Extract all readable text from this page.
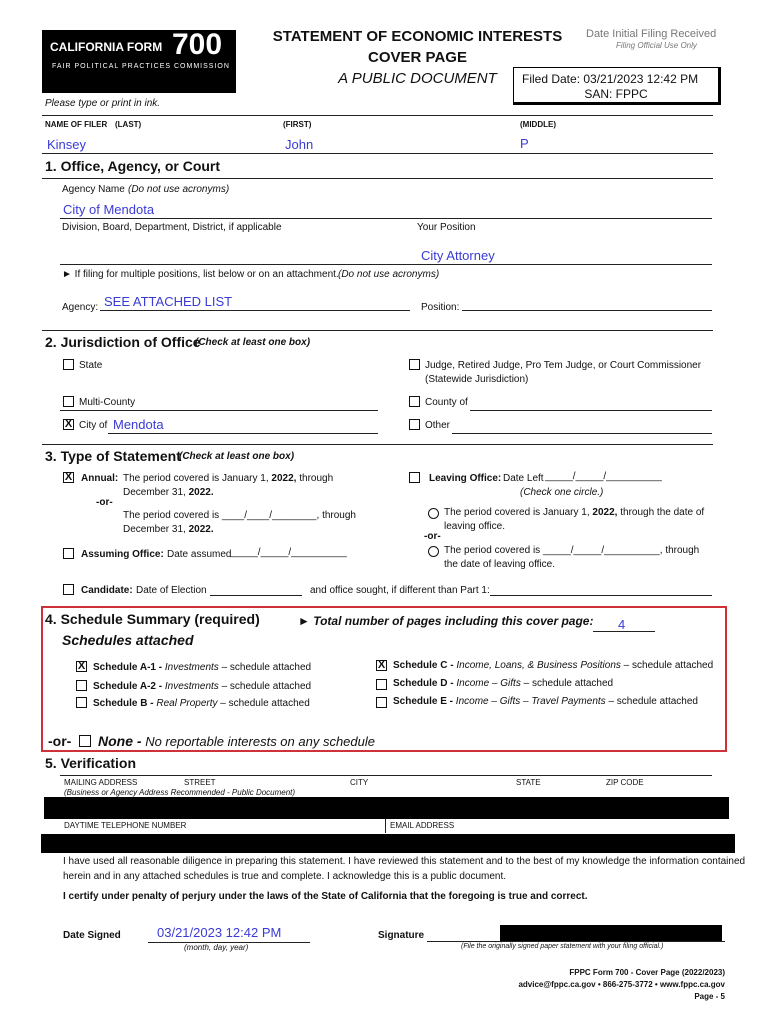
CALIFORNIA FORM 700
FAIR POLITICAL PRACTICES COMMISSION
STATEMENT OF ECONOMIC INTERESTS
COVER PAGE
A PUBLIC DOCUMENT
Date Initial Filing Received
Filing Official Use Only
Filed Date: 03/21/2023 12:42 PM
SAN: FPPC
Please type or print in ink.
NAME OF FILER (LAST)	(FIRST)	(MIDDLE)
Kinsey	John	P
1. Office, Agency, or Court
Agency Name (Do not use acronyms)
City of Mendota
Division, Board, Department, District, if applicable	Your Position
City Attorney
► If filing for multiple positions, list below or on an attachment. (Do not use acronyms)
Agency: SEE ATTACHED LIST	Position:
2. Jurisdiction of Office
(Check at least one box)
State	Judge, Retired Judge, Pro Tem Judge, or Court Commissioner
(Statewide Jurisdiction)
Multi-County	County of
X City of Mendota	Other
3. Type of Statement
(Check at least one box)
X Annual: The period covered is January 1, 2022, through
December 31, 2022.
-or-
The period covered is ____/____/________, through
December 31, 2022.
Leaving Office: Date Left _____/_____/__________
(Check one circle.)
The period covered is January 1, 2022, through the date of
leaving office.
-or-
The period covered is _____/_____/__________, through
the date of leaving office.
Assuming Office: Date assumed
_____/_____/__________
Candidate: Date of Election	and office sought, if different than Part 1:
4. Schedule Summary (required)	► Total number of pages including this cover page: 4
Schedules attached
X Schedule A-1 - Investments – schedule attached
Schedule A-2 - Investments – schedule attached
Schedule B - Real Property – schedule attached
X Schedule C - Income, Loans, & Business Positions – schedule attached
Schedule D - Income – Gifts – schedule attached
Schedule E - Income – Gifts – Travel Payments – schedule attached
-or- None - No reportable interests on any schedule
5. Verification
MAILING ADDRESS	STREET	CITY	STATE	ZIP CODE
(Business or Agency Address Recommended - Public Document)
DAYTIME TELEPHONE NUMBER	EMAIL ADDRESS
I have used all reasonable diligence in preparing this statement. I have reviewed this statement and to the best of my knowledge the information contained
herein and in any attached schedules is true and complete. I acknowledge this is a public document.
I certify under penalty of perjury under the laws of the State of California that the foregoing is true and correct.
Date Signed	03/21/2023 12:42 PM
(month, day, year)
Signature
(File the originally signed paper statement with your filing official.)
FPPC Form 700 - Cover Page (2022/2023)
advice@fppc.ca.gov • 866-275-3772 • www.fppc.ca.gov
Page - 5
